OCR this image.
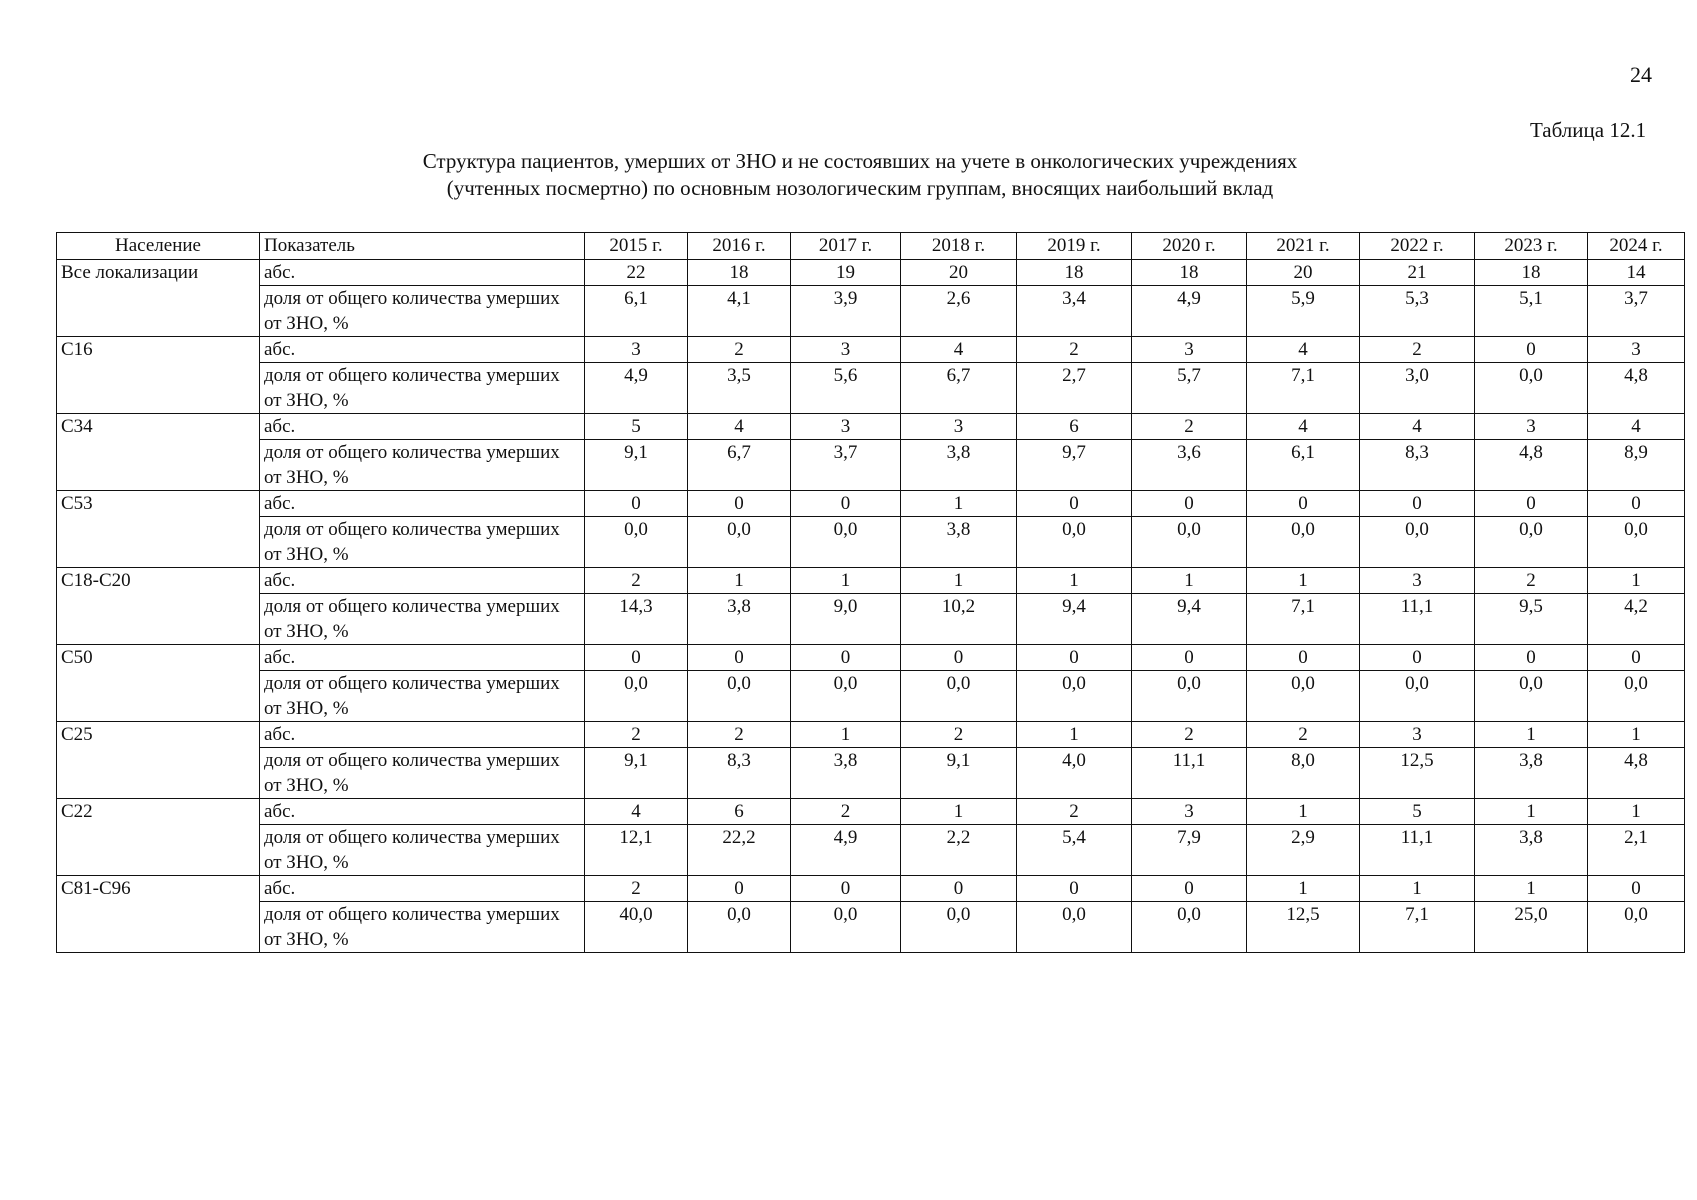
24
Таблица 12.1
Структура пациентов, умерших от ЗНО и не состоявших на учете в онкологических учреждениях
(учтенных посмертно) по основным нозологическим группам, вносящих наибольший вклад
Население	Показатель	2015 г.	2016 г.	2017 г.	2018 г.	2019 г.	2020 г.	2021 г.	2022 г.	2023 г.	2024 г.
Все локализации	абс.	22	18	19	20	18	18	20	21	18	14
	доля от общего количества умерших от ЗНО, %	6,1	4,1	3,9	2,6	3,4	4,9	5,9	5,3	5,1	3,7
С16	абс.	3	2	3	4	2	3	4	2	0	3
	доля от общего количества умерших от ЗНО, %	4,9	3,5	5,6	6,7	2,7	5,7	7,1	3,0	0,0	4,8
С34	абс.	5	4	3	3	6	2	4	4	3	4
	доля от общего количества умерших от ЗНО, %	9,1	6,7	3,7	3,8	9,7	3,6	6,1	8,3	4,8	8,9
С53	абс.	0	0	0	1	0	0	0	0	0	0
	доля от общего количества умерших от ЗНО, %	0,0	0,0	0,0	3,8	0,0	0,0	0,0	0,0	0,0	0,0
С18-С20	абс.	2	1	1	1	1	1	1	3	2	1
	доля от общего количества умерших от ЗНО, %	14,3	3,8	9,0	10,2	9,4	9,4	7,1	11,1	9,5	4,2
С50	абс.	0	0	0	0	0	0	0	0	0	0
	доля от общего количества умерших от ЗНО, %	0,0	0,0	0,0	0,0	0,0	0,0	0,0	0,0	0,0	0,0
С25	абс.	2	2	1	2	1	2	2	3	1	1
	доля от общего количества умерших от ЗНО, %	9,1	8,3	3,8	9,1	4,0	11,1	8,0	12,5	3,8	4,8
С22	абс.	4	6	2	1	2	3	1	5	1	1
	доля от общего количества умерших от ЗНО, %	12,1	22,2	4,9	2,2	5,4	7,9	2,9	11,1	3,8	2,1
С81-С96	абс.	2	0	0	0	0	0	1	1	1	0
	доля от общего количества умерших от ЗНО, %	40,0	0,0	0,0	0,0	0,0	0,0	12,5	7,1	25,0	0,0
